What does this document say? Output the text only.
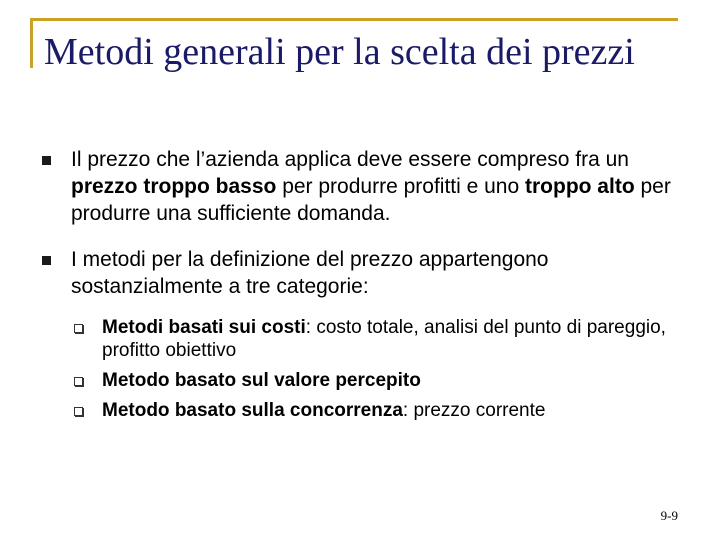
Metodi generali per la scelta dei prezzi
Il prezzo che l’azienda applica deve essere compreso fra un prezzo troppo basso per produrre profitti e uno troppo alto per produrre una sufficiente domanda.
I metodi per la definizione del prezzo appartengono sostanzialmente a tre categorie:
Metodi basati sui costi: costo totale, analisi del punto di pareggio, profitto obiettivo
Metodo basato sul valore percepito
Metodo basato sulla concorrenza: prezzo corrente
9-9
